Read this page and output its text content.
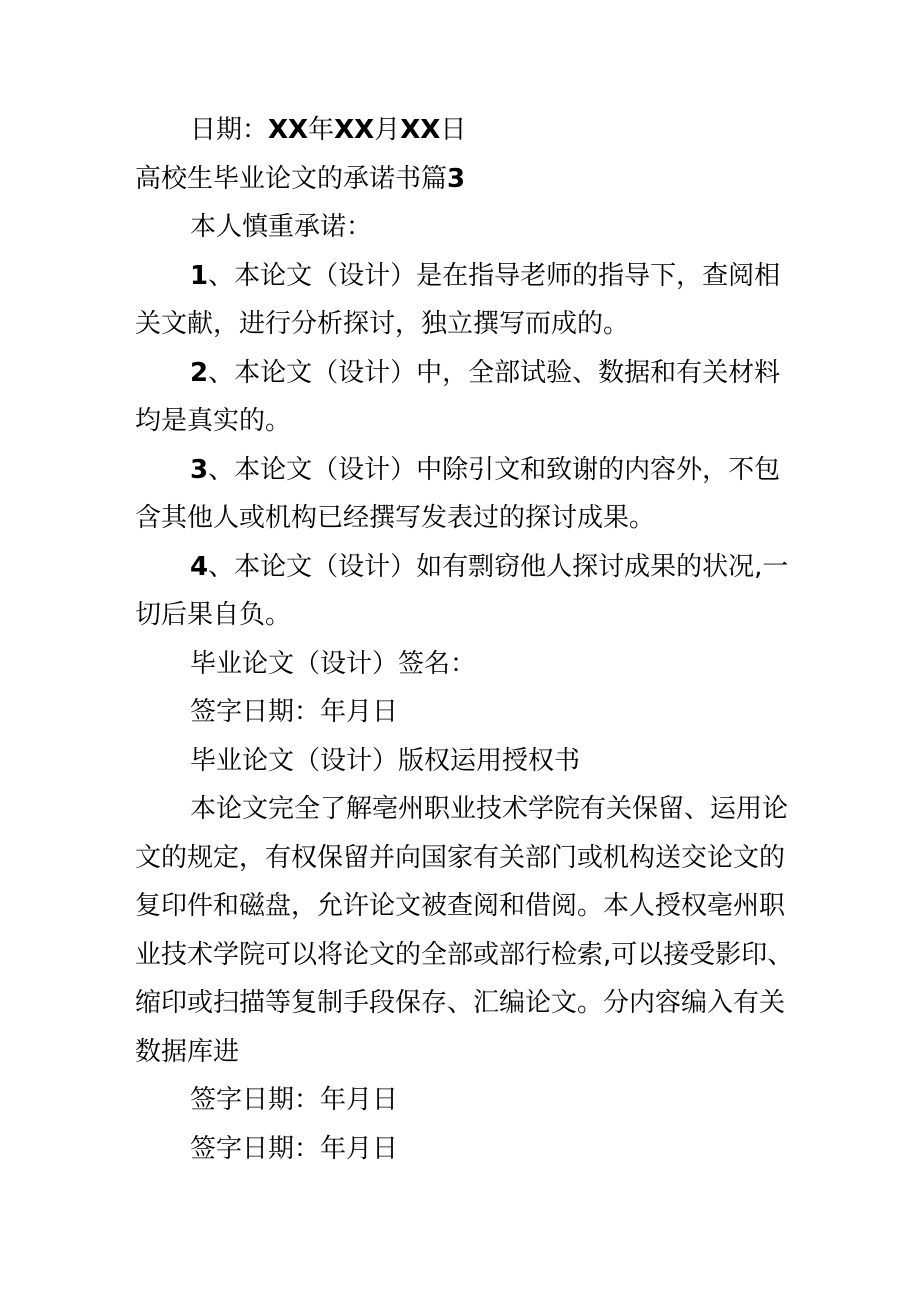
日期：XX年XX月XX日
高校生毕业论文的承诺书篇3
本人慎重承诺：
1、本论文（设计）是在指导老师的指导下，查阅相
关文献，进行分析探讨，独立撰写而成的。
2、本论文（设计）中，全部试验、数据和有关材料
均是真实的。
3、本论文（设计）中除引文和致谢的内容外，不包
含其他人或机构已经撰写发表过的探讨成果。
4、本论文（设计）如有剽窃他人探讨成果的状况,一
切后果自负。
毕业论文（设计）签名：
签字日期：年月日
毕业论文（设计）版权运用授权书
本论文完全了解亳州职业技术学院有关保留、运用论
文的规定，有权保留并向国家有关部门或机构送交论文的
复印件和磁盘，允许论文被查阅和借阅。本人授权亳州职
业技术学院可以将论文的全部或部行检索,可以接受影印、
缩印或扫描等复制手段保存、汇编论文。分内容编入有关
数据库进
签字日期：年月日
签字日期：年月日
